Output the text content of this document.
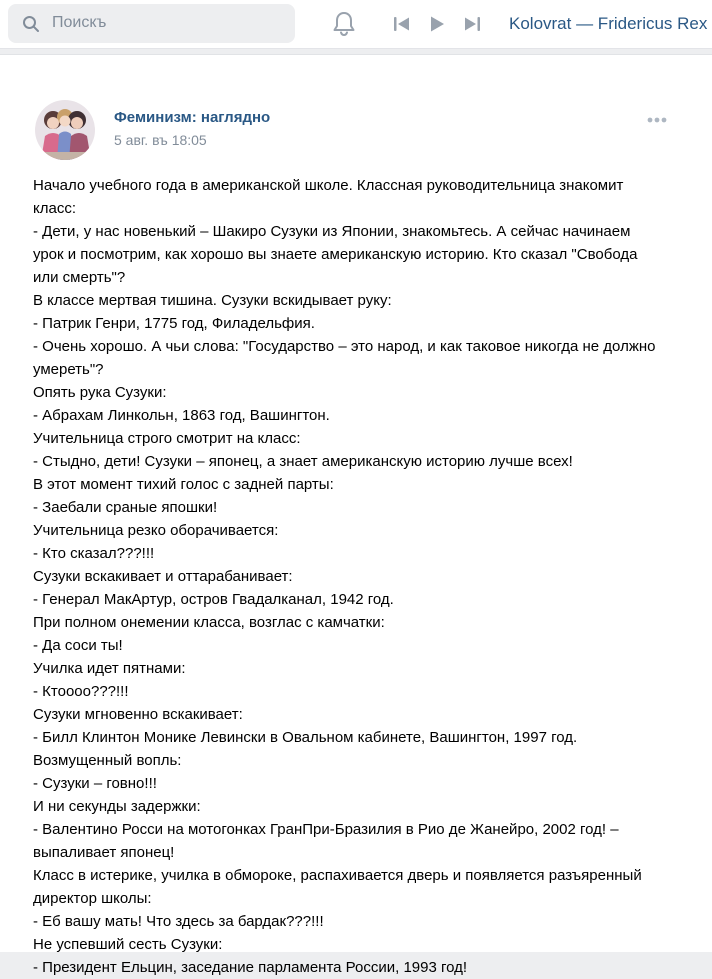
Поискъ	Kolovrat — Fridericus Rex
Феминизм: наглядно
5 авг. въ 18:05

Начало учебного года в американской школе. Классная руководительница знакомит класс:

- Дети, у нас новенький – Шакиро Сузуки из Японии, знакомьтесь. А сейчас начинаем урок и посмотрим, как хорошо вы знаете американскую историю. Кто сказал "Свобода или смерть"?

В классе мертвая тишина. Сузуки вскидывает руку:

- Патрик Генри, 1775 год, Филадельфия.

- Очень хорошо. А чьи слова: "Государство – это народ, и как таковое никогда не должно умереть"?

Опять рука Сузуки:

- Абрахам Линкольн, 1863 год, Вашингтон.

Учительница строго смотрит на класс:

- Стыдно, дети! Сузуки – японец, а знает американскую историю лучше всех!

В этот момент тихий голос с задней парты:

- Заебали сраные япошки!

Учительница резко оборачивается:

- Кто сказал???!!!

Сузуки вскакивает и оттарабанивает:

- Генерал МакАртур, остров Гвадалканал, 1942 год.

При полном онемении класса, возглас с камчатки:

- Да соси ты!

Училка идет пятнами:

- Ктоооо???!!!

Сузуки мгновенно вскакивает:

- Билл Клинтон Монике Левински в Овальном кабинете, Вашингтон, 1997 год.

Возмущенный вопль:

- Сузуки – говно!!!

И ни секунды задержки:

- Валентино Росси на мотогонках ГранПри-Бразилия в Рио де Жанейро, 2002 год! –выпаливает японец!

Класс в истерике, училка в обмороке, распахивается дверь и появляется разъяренный директор школы:

- Еб вашу мать! Что здесь за бардак???!!!

Не успевший сесть Сузуки:

- Президент Ельцин, заседание парламента России, 1993 год!
